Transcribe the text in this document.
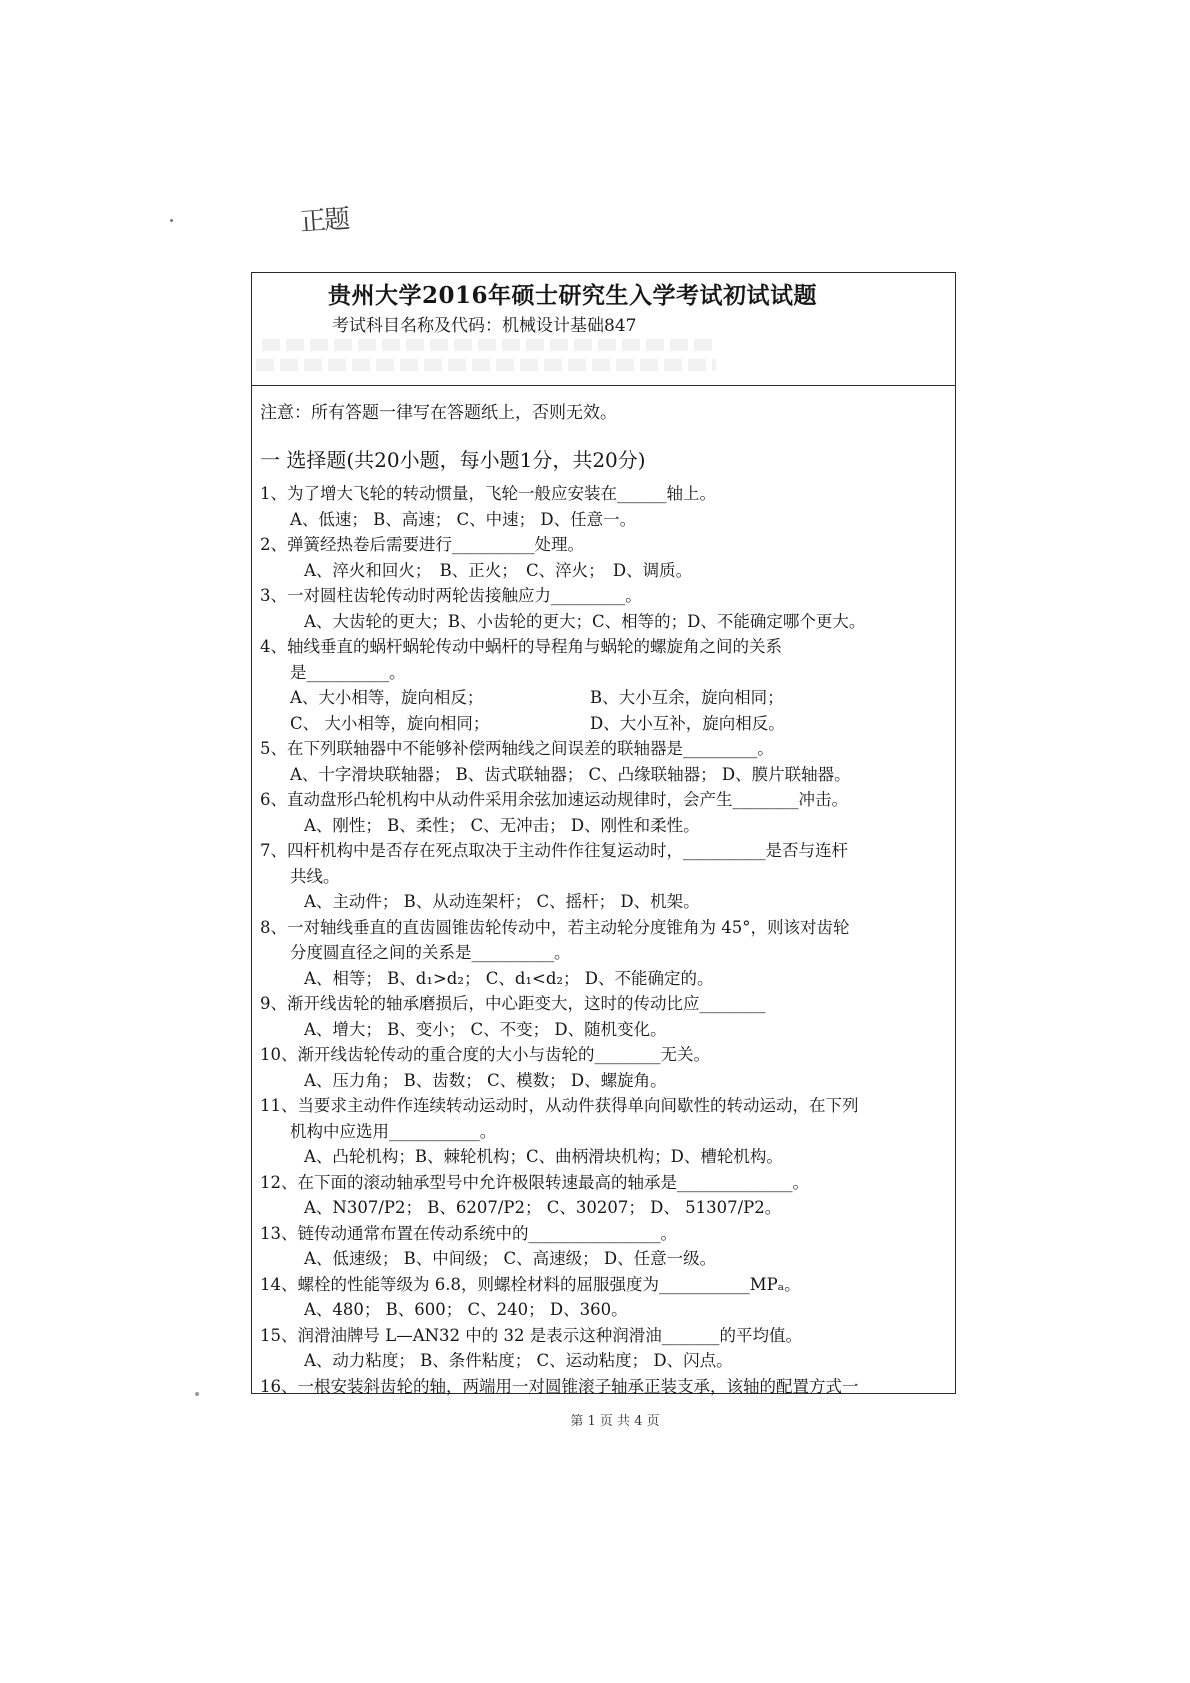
正题
贵州大学2016年硕士研究生入学考试初试试题
考试科目名称及代码：机械设计基础847
注意：所有答题一律写在答题纸上，否则无效。
一 选择题(共20小题，每小题1分，共20分)
1、为了增大飞轮的转动惯量，飞轮一般应安装在______轴上。
A、低速； B、高速； C、中速； D、任意一。
2、弹簧经热卷后需要进行__________处理。
A、淬火和回火；　B、正火；　C、淬火；　D、调质。
3、一对圆柱齿轮传动时两轮齿接触应力_________。
A、大齿轮的更大；B、小齿轮的更大；C、相等的；D、不能确定哪个更大。
4、轴线垂直的蜗杆蜗轮传动中蜗杆的导程角与蜗轮的螺旋角之间的关系
是__________。
A、大小相等，旋向相反；	B、大小互余，旋向相同；
C、 大小相等，旋向相同；	D、大小互补，旋向相反。
5、在下列联轴器中不能够补偿两轴线之间误差的联轴器是_________。
A、十字滑块联轴器； B、齿式联轴器； C、凸缘联轴器； D、膜片联轴器。
6、直动盘形凸轮机构中从动件采用余弦加速运动规律时，会产生________冲击。
A、刚性； B、柔性； C、无冲击； D、刚性和柔性。
7、四杆机构中是否存在死点取决于主动件作往复运动时，__________是否与连杆
共线。
A、主动件； B、从动连架杆； C、摇杆； D、机架。
8、一对轴线垂直的直齿圆锥齿轮传动中，若主动轮分度锥角为 45°，则该对齿轮
分度圆直径之间的关系是__________。
A、相等； B、d₁>d₂； C、d₁<d₂； D、不能确定的。
9、渐开线齿轮的轴承磨损后，中心距变大，这时的传动比应________
A、增大； B、变小； C、不变； D、随机变化。
10、渐开线齿轮传动的重合度的大小与齿轮的________无关。
A、压力角； B、齿数； C、模数； D、螺旋角。
11、当要求主动件作连续转动运动时，从动件获得单向间歇性的转动运动，在下列
机构中应选用___________。
A、凸轮机构；B、棘轮机构；C、曲柄滑块机构；D、槽轮机构。
12、在下面的滚动轴承型号中允许极限转速最高的轴承是______________。
A、N307/P2； B、6207/P2； C、30207； D、 51307/P2。
13、链传动通常布置在传动系统中的________________。
A、低速级； B、中间级； C、高速级； D、任意一级。
14、螺栓的性能等级为 6.8，则螺栓材料的屈服强度为___________MPₐ。
A、480； B、600； C、240； D、360。
15、润滑油牌号 L—AN32 中的 32 是表示这种润滑油_______的平均值。
A、动力粘度； B、条件粘度； C、运动粘度； D、闪点。
16、一根安装斜齿轮的轴，两端用一对圆锥滚子轴承正装支承，该轴的配置方式一
第 1 页 共 4 页
